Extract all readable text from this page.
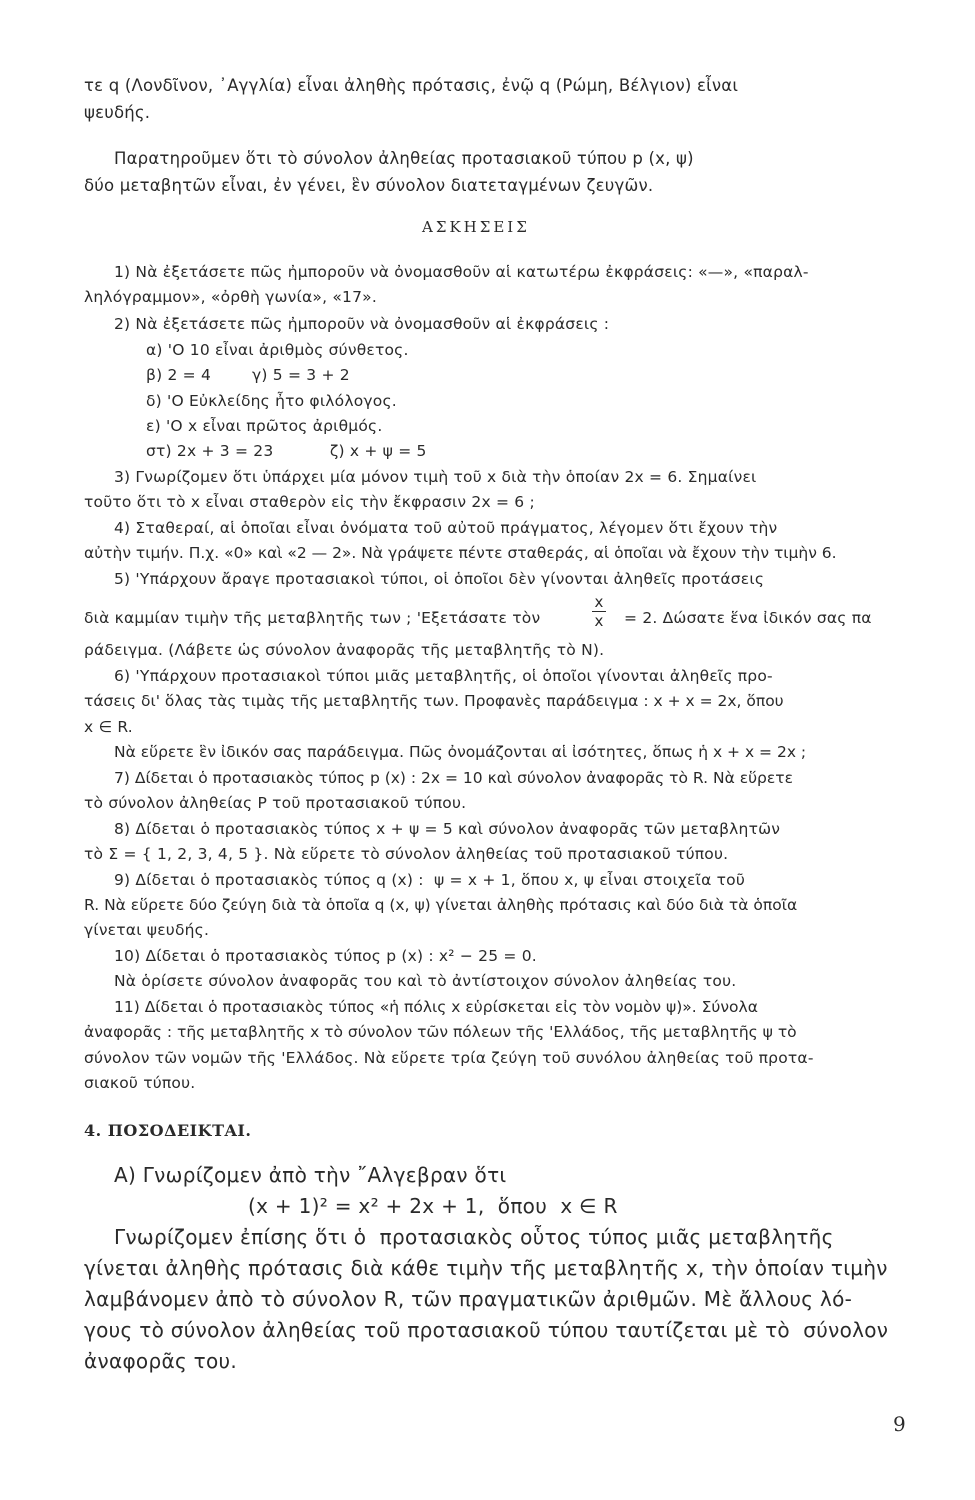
τε q (Λονδῖνον, ᾿Αγγλία) εἶναι ἀληθὴς πρότασις, ἐνῷ q (Ρώμη, Βέλγιον) εἶναι
ψευδής.
Παρατηροῦμεν ὅτι τὸ σύνολον ἀληθείας προτασιακοῦ τύπου p (x, ψ)
δύο μεταβητῶν εἶναι, ἐν γένει, ἓν σύνολον διατεταγμένων ζευγῶν.
ΑΣΚΗΣΕΙΣ
1) Νὰ ἐξετάσετε πῶς ἠμποροῦν νὰ ὀνομασθοῦν αἱ κατωτέρω ἐκφράσεις: «—», «παραλ-
ληλόγραμμον», «ὀρθὴ γωνία», «17».
2) Νὰ ἐξετάσετε πῶς ἠμποροῦν νὰ ὀνομασθοῦν αἱ ἐκφράσεις :
α) 'Ο 10 εἶναι ἀριθμὸς σύνθετος.
β) 2 = 4        γ) 5 = 3 + 2
δ) 'Ο Εὐκλείδης ἦτο φιλόλογος.
ε) 'Ο x εἶναι πρῶτος ἀριθμός.
στ) 2x + 3 = 23           ζ) x + ψ = 5
3) Γνωρίζομεν ὅτι ὑπάρχει μία μόνον τιμὴ τοῦ x διὰ τὴν ὁποίαν 2x = 6. Σημαίνει
τοῦτο ὅτι τὸ x εἶναι σταθερὸν εἰς τὴν ἔκφρασιν 2x = 6 ;
4) Σταθεραί, αἱ ὁποῖαι εἶναι ὀνόματα τοῦ αὐτοῦ πράγματος, λέγομεν ὅτι ἔχουν τὴν
αὐτὴν τιμήν. Π.χ. «0» καὶ «2 — 2». Νὰ γράψετε πέντε σταθεράς, αἱ ὁποῖαι νὰ ἔχουν τὴν τιμὴν 6.
5) 'Υπάρχουν ἄραγε προτασιακοὶ τύποι, οἱ ὁποῖοι δὲν γίνονται ἀληθεῖς προτάσεις
διὰ καμμίαν τιμὴν τῆς μεταβλητῆς των ; 'Εξετάσατε τὸν
x
x = 2. Δώσατε ἕνα ἰδικόν σας πα
ράδειγμα. (Λάβετε ὡς σύνολον ἀναφορᾶς τῆς μεταβλητῆς τὸ N).
6) 'Υπάρχουν προτασιακοὶ τύποι μιᾶς μεταβλητῆς, οἱ ὁποῖοι γίνονται ἀληθεῖς προ-
τάσεις δι' ὅλας τὰς τιμὰς τῆς μεταβλητῆς των. Προφανὲς παράδειγμα : x + x = 2x, ὅπου
x ∈ R.
Νὰ εὕρετε ἓν ἰδικόν σας παράδειγμα. Πῶς ὀνομάζονται αἱ ἰσότητες, ὅπως ἡ x + x = 2x ;
7) Δίδεται ὁ προτασιακὸς τύπος p (x) : 2x = 10 καὶ σύνολον ἀναφορᾶς τὸ R. Νὰ εὕρετε
τὸ σύνολον ἀληθείας P τοῦ προτασιακοῦ τύπου.
8) Δίδεται ὁ προτασιακὸς τύπος x + ψ = 5 καὶ σύνολον ἀναφορᾶς τῶν μεταβλητῶν
τὸ Σ = { 1, 2, 3, 4, 5 }. Νὰ εὕρετε τὸ σύνολον ἀληθείας τοῦ προτασιακοῦ τύπου.
9) Δίδεται ὁ προτασιακὸς τύπος q (x) :  ψ = x + 1, ὅπου x, ψ εἶναι στοιχεῖα τοῦ
R. Νὰ εὕρετε δύο ζεύγη διὰ τὰ ὁποῖα q (x, ψ) γίνεται ἀληθὴς πρότασις καὶ δύο διὰ τὰ ὁποῖα
γίνεται ψευδής.
10) Δίδεται ὁ προτασιακὸς τύπος p (x) : x² − 25 = 0.
Νὰ ὁρίσετε σύνολον ἀναφορᾶς του καὶ τὸ ἀντίστοιχον σύνολον ἀληθείας του.
11) Δίδεται ὁ προτασιακὸς τύπος «ἡ πόλις x εὑρίσκεται εἰς τὸν νομὸν ψ)». Σύνολα
ἀναφορᾶς : τῆς μεταβλητῆς x τὸ σύνολον τῶν πόλεων τῆς 'Ελλάδος, τῆς μεταβλητῆς ψ τὸ
σύνολον τῶν νομῶν τῆς 'Ελλάδος. Νὰ εὕρετε τρία ζεύγη τοῦ συνόλου ἀληθείας τοῦ προτα-
σιακοῦ τύπου.
4. ΠΟΣΟΔΕΙΚΤΑΙ.
Α) Γνωρίζομεν ἀπὸ τὴν ῎Αλγεβραν ὅτι
(x + 1)² = x² + 2x + 1,  ὅπου  x ∈ R
Γνωρίζομεν ἐπίσης ὅτι ὁ  προτασιακὸς οὗτος τύπος μιᾶς μεταβλητῆς
γίνεται ἀληθὴς πρότασις διὰ κάθε τιμὴν τῆς μεταβλητῆς x, τὴν ὁποίαν τιμὴν
λαμβάνομεν ἀπὸ τὸ σύνολον R, τῶν πραγματικῶν ἀριθμῶν. Μὲ ἄλλους λό-
γους τὸ σύνολον ἀληθείας τοῦ προτασιακοῦ τύπου ταυτίζεται μὲ τὸ  σύνολον
ἀναφορᾶς του.
9
